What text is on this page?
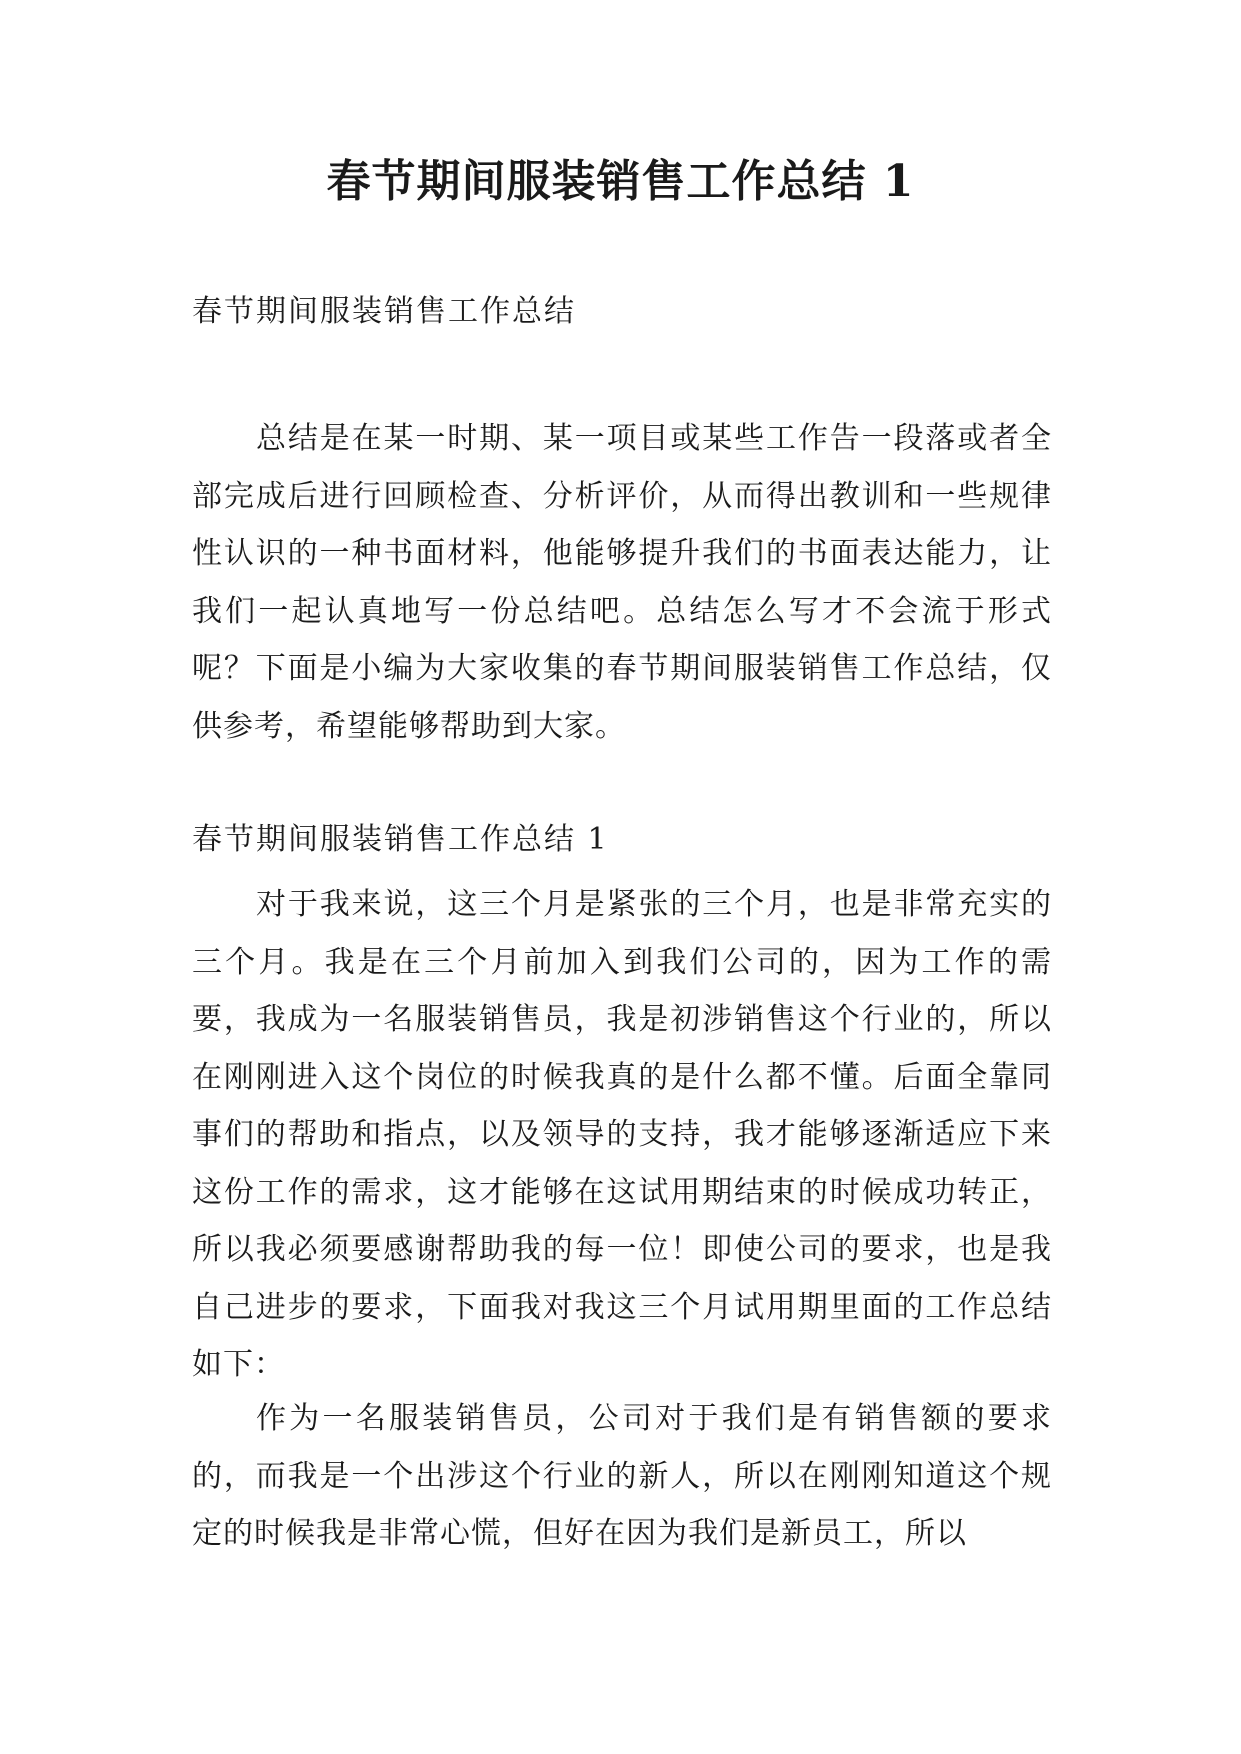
春节期间服装销售工作总结 1

春节期间服装销售工作总结

总结是在某一时期、某一项目或某些工作告一段落或者全部完成后进行回顾检查、分析评价，从而得出教训和一些规律性认识的一种书面材料，他能够提升我们的书面表达能力，让我们一起认真地写一份总结吧。总结怎么写才不会流于形式呢？下面是小编为大家收集的春节期间服装销售工作总结，仅供参考，希望能够帮助到大家。

春节期间服装销售工作总结 1

对于我来说，这三个月是紧张的三个月，也是非常充实的三个月。我是在三个月前加入到我们公司的，因为工作的需要，我成为一名服装销售员，我是初涉销售这个行业的，所以在刚刚进入这个岗位的时候我真的是什么都不懂。后面全靠同事们的帮助和指点，以及领导的支持，我才能够逐渐适应下来这份工作的需求，这才能够在这试用期结束的时候成功转正，所以我必须要感谢帮助我的每一位！即使公司的要求，也是我自己进步的要求，下面我对我这三个月试用期里面的工作总结如下：

作为一名服装销售员，公司对于我们是有销售额的要求的，而我是一个出涉这个行业的新人，所以在刚刚知道这个规定的时候我是非常心慌，但好在因为我们是新员工，所以
